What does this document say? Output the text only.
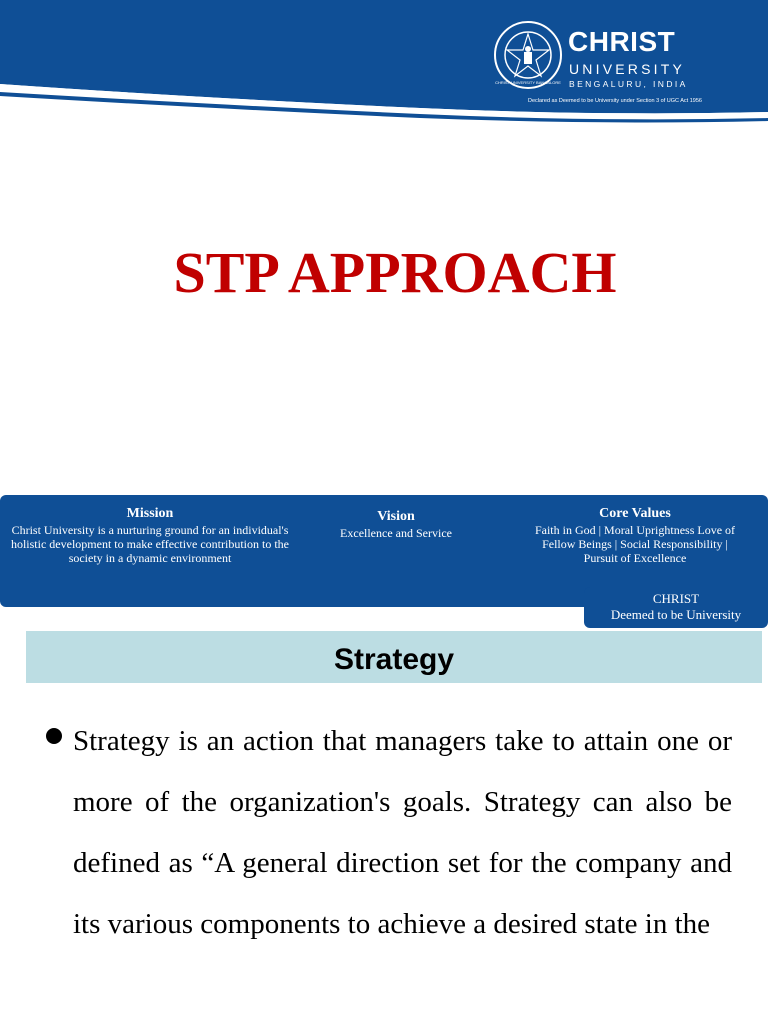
CHRIST UNIVERSITY BANGALORE
CHRIST
UNIVERSITY
BENGALURU, INDIA
Declared as Deemed to be University under Section 3 of UGC Act 1956
STP APPROACH
Mission
Christ University is a nurturing ground for an individual's holistic development to make effective contribution to the society in a dynamic environment
Vision
Excellence and Service
Core Values
Faith in God | Moral Uprightness Love of Fellow Beings | Social Responsibility | Pursuit of Excellence
CHRIST
Deemed to be University
Strategy

Strategy is an action that managers take to attain one or more of the organization's goals. Strategy can also be defined as “A general direction set for the company and its various components to achieve a desired state in the
